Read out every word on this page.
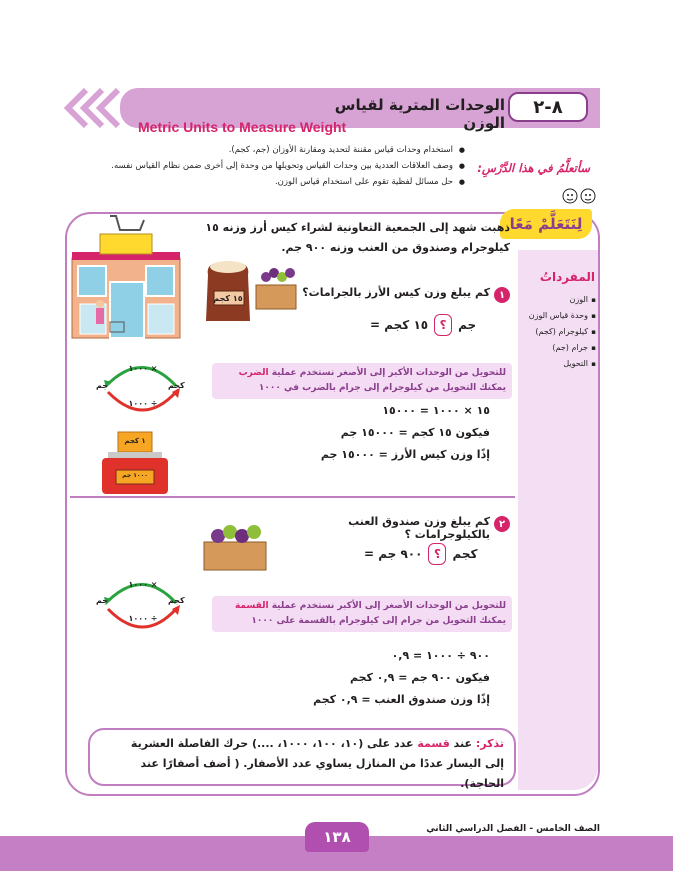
٨-٢
الوحدات المترية لقياس الوزن
Metric Units to Measure Weight
سأتعلَّمُ في هذا الدَّرْسِ:
● استخدام وحدات قياس مقننة لتحديد ومقارنة الأوزان (جم، كجم).
● وصف العلاقات العددية بين وحدات القياس وتحويلها من وحدة إلى أخرى ضمن نظام القياس نفسه.
● حل مسائل لفظية تقوم على استخدام قياس الوزن.
لِنَتَعَلَّمْ مَعًا
المفرداتُ
▪ الوزن
▪ وحدة قياس الوزن
▪ كيلوجرام (كجم)
▪ جرام (جم)
▪ التحويل
ذهبت شهد إلى الجمعية التعاونية لشراء كيس أرز وزنه ١٥ كيلوجرام وصندوق من العنب وزنه ٩٠٠ جم.
١٥ كجم	١
كم يبلغ وزن كيس الأرز بالجرامات؟
١٥ كجم = ؟ جم
للتحويل من الوحدات الأكبر إلى الأصغر نستخدم عملية الضرب
يمكنك التحويل من كيلوجرام إلى جرام بالضرب في ١٠٠٠
١٥ × ١٠٠٠ = ١٥٠٠٠
فيكون ١٥ كجم = ١٥٠٠٠ جم
إذًا وزن كيس الأرز = ١٥٠٠٠ جم
× ١٠٠٠
÷ ١٠٠٠
كجم
جم
١ كجم
١٠٠٠ جم
٢
كم يبلغ وزن صندوق العنب بالكيلوجرامات ؟
٩٠٠ جم = ؟ كجم
للتحويل من الوحدات الأصغر إلى الأكبر نستخدم عملية القسمة
يمكنك التحويل من جرام إلى كيلوجرام بالقسمة على ١٠٠٠
٩٠٠ ÷ ١٠٠٠ = ٠,٩
فيكون ٩٠٠ جم = ٠,٩ كجم
إذًا وزن صندوق العنب = ٠,٩ كجم
× ١٠٠٠
÷ ١٠٠٠
كجم
جم
تذكر: عند قسمة عدد على (١٠، ١٠٠، ١٠٠٠، ....) حرك الفاصلة العشرية
إلى اليسار عددًا من المنازل يساوي عدد الأصفار. ( أضف أصفارًا عند الحاجة).
١٣٨	الصف الخامس - الفصل الدراسي الثاني
